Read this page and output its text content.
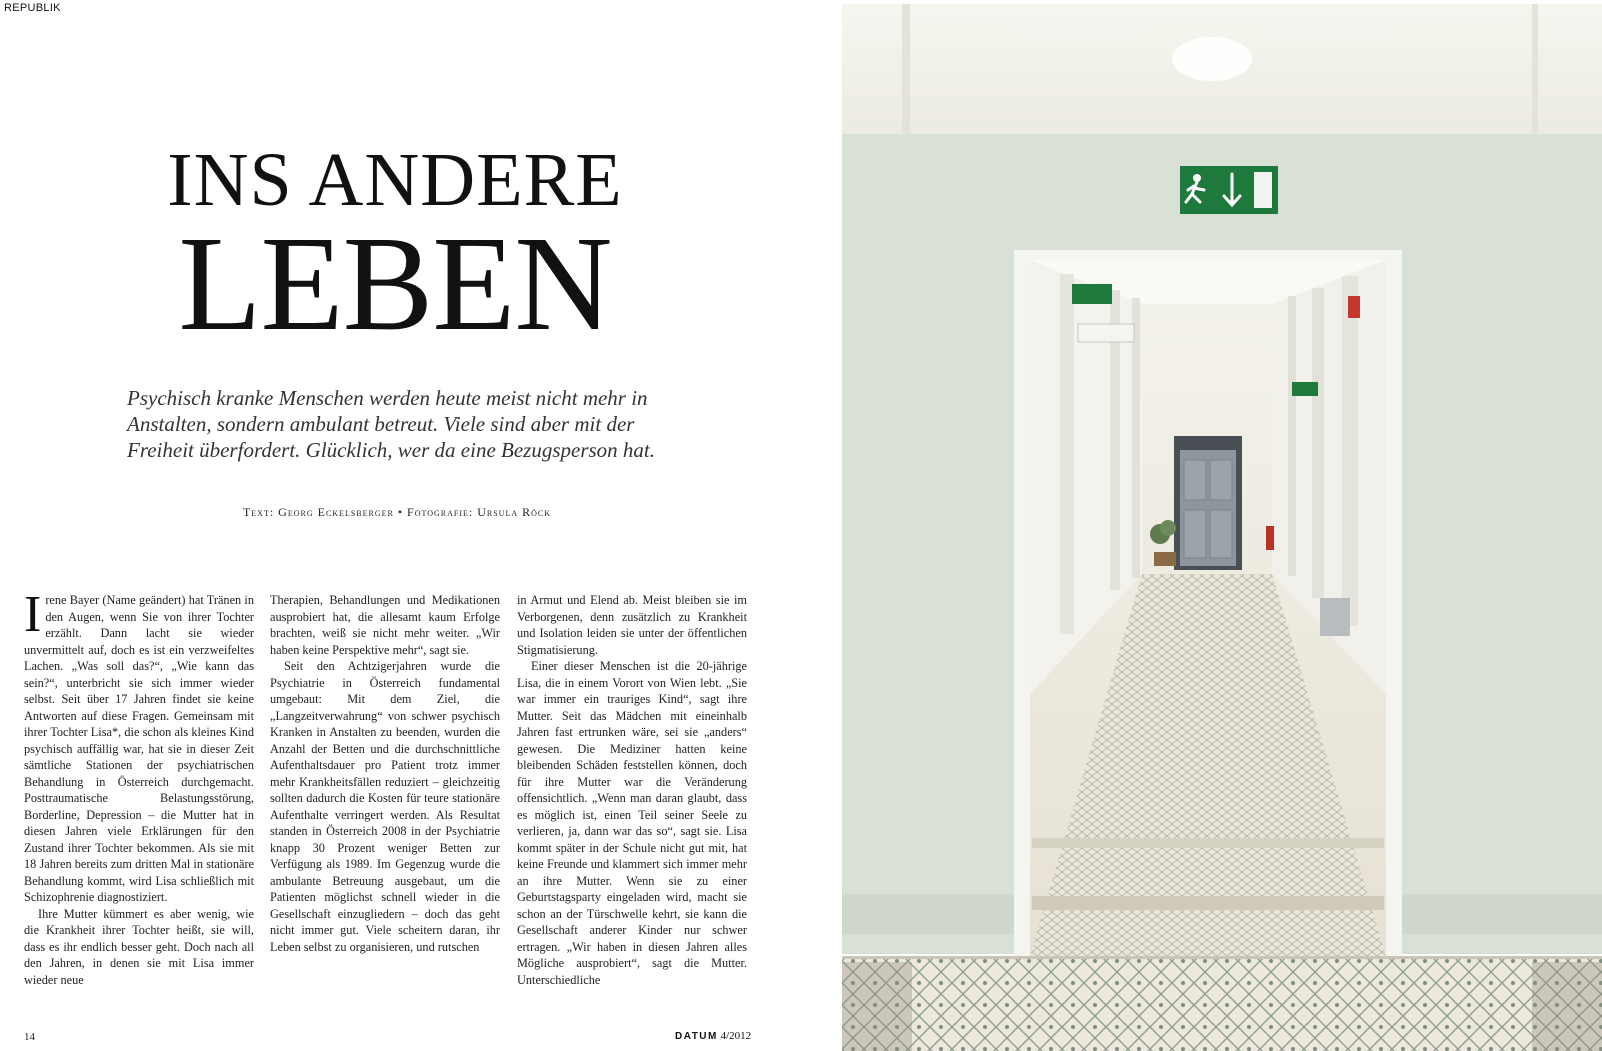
REPUBLIK
INS ANDERE
LEBEN
Psychisch kranke Menschen werden heute meist nicht mehr in Anstalten, sondern ambulant betreut. Viele sind aber mit der Freiheit überfordert. Glücklich, wer da eine Bezugsperson hat.
Text: Georg Eckelsberger • Fotografie: Ursula Röck

Irene Bayer (Name geändert) hat Tränen in den Augen, wenn Sie von ihrer Tochter erzählt. Dann lacht sie wieder unvermittelt auf, doch es ist ein verzweifeltes Lachen. „Was soll das?“, „Wie kann das sein?“, unterbricht sie sich immer wieder selbst. Seit über 17 Jahren findet sie keine Antworten auf diese Fragen. Gemeinsam mit ihrer Tochter Lisa*, die schon als kleines Kind psychisch auffällig war, hat sie in dieser Zeit sämtliche Stationen der psychiatrischen Behandlung in Österreich durchgemacht. Posttraumatische Belastungsstörung, Borderline, Depression – die Mutter hat in diesen Jahren viele Erklärungen für den Zustand ihrer Tochter bekommen. Als sie mit 18 Jahren bereits zum dritten Mal in stationäre Behandlung kommt, wird Lisa schließlich mit Schizophrenie diagnostiziert.

Ihre Mutter kümmert es aber wenig, wie die Krankheit ihrer Tochter heißt, sie will, dass es ihr endlich besser geht. Doch nach all den Jahren, in denen sie mit Lisa immer wieder neue

Therapien, Behandlungen und Medikationen ausprobiert hat, die allesamt kaum Erfolge brachten, weiß sie nicht mehr weiter. „Wir haben keine Perspektive mehr“, sagt sie.

Seit den Achtzigerjahren wurde die Psychiatrie in Österreich fundamental umgebaut: Mit dem Ziel, die „Langzeitverwahrung“ von schwer psychisch Kranken in Anstalten zu beenden, wurden die Anzahl der Betten und die durchschnittliche Aufenthaltsdauer pro Patient trotz immer mehr Krankheitsfällen reduziert – gleichzeitig sollten dadurch die Kosten für teure stationäre Aufenthalte verringert werden. Als Resultat standen in Österreich 2008 in der Psychiatrie knapp 30 Prozent weniger Betten zur Verfügung als 1989. Im Gegenzug wurde die ambulante Betreuung ausgebaut, um die Patienten möglichst schnell wieder in die Gesellschaft einzugliedern – doch das geht nicht immer gut. Viele scheitern daran, ihr Leben selbst zu organisieren, und rutschen

in Armut und Elend ab. Meist bleiben sie im Verborgenen, denn zusätzlich zu Krankheit und Isolation leiden sie unter der öffentlichen Stigmatisierung.

Einer dieser Menschen ist die 20-jährige Lisa, die in einem Vorort von Wien lebt. „Sie war immer ein trauriges Kind“, sagt ihre Mutter. Seit das Mädchen mit eineinhalb Jahren fast ertrunken wäre, sei sie „anders“ gewesen. Die Mediziner hatten keine bleibenden Schäden feststellen können, doch für ihre Mutter war die Veränderung offensichtlich. „Wenn man daran glaubt, dass es möglich ist, einen Teil seiner Seele zu verlieren, ja, dann war das so“, sagt sie. Lisa kommt später in der Schule nicht gut mit, hat keine Freunde und klammert sich immer mehr an ihre Mutter. Wenn sie zu einer Geburtstagsparty eingeladen wird, macht sie schon an der Türschwelle kehrt, sie kann die Gesellschaft anderer Kinder nur schwer ertragen. „Wir haben in diesen Jahren alles Mögliche ausprobiert“, sagt die Mutter. Unterschiedliche

14	DATUM 4/2012
